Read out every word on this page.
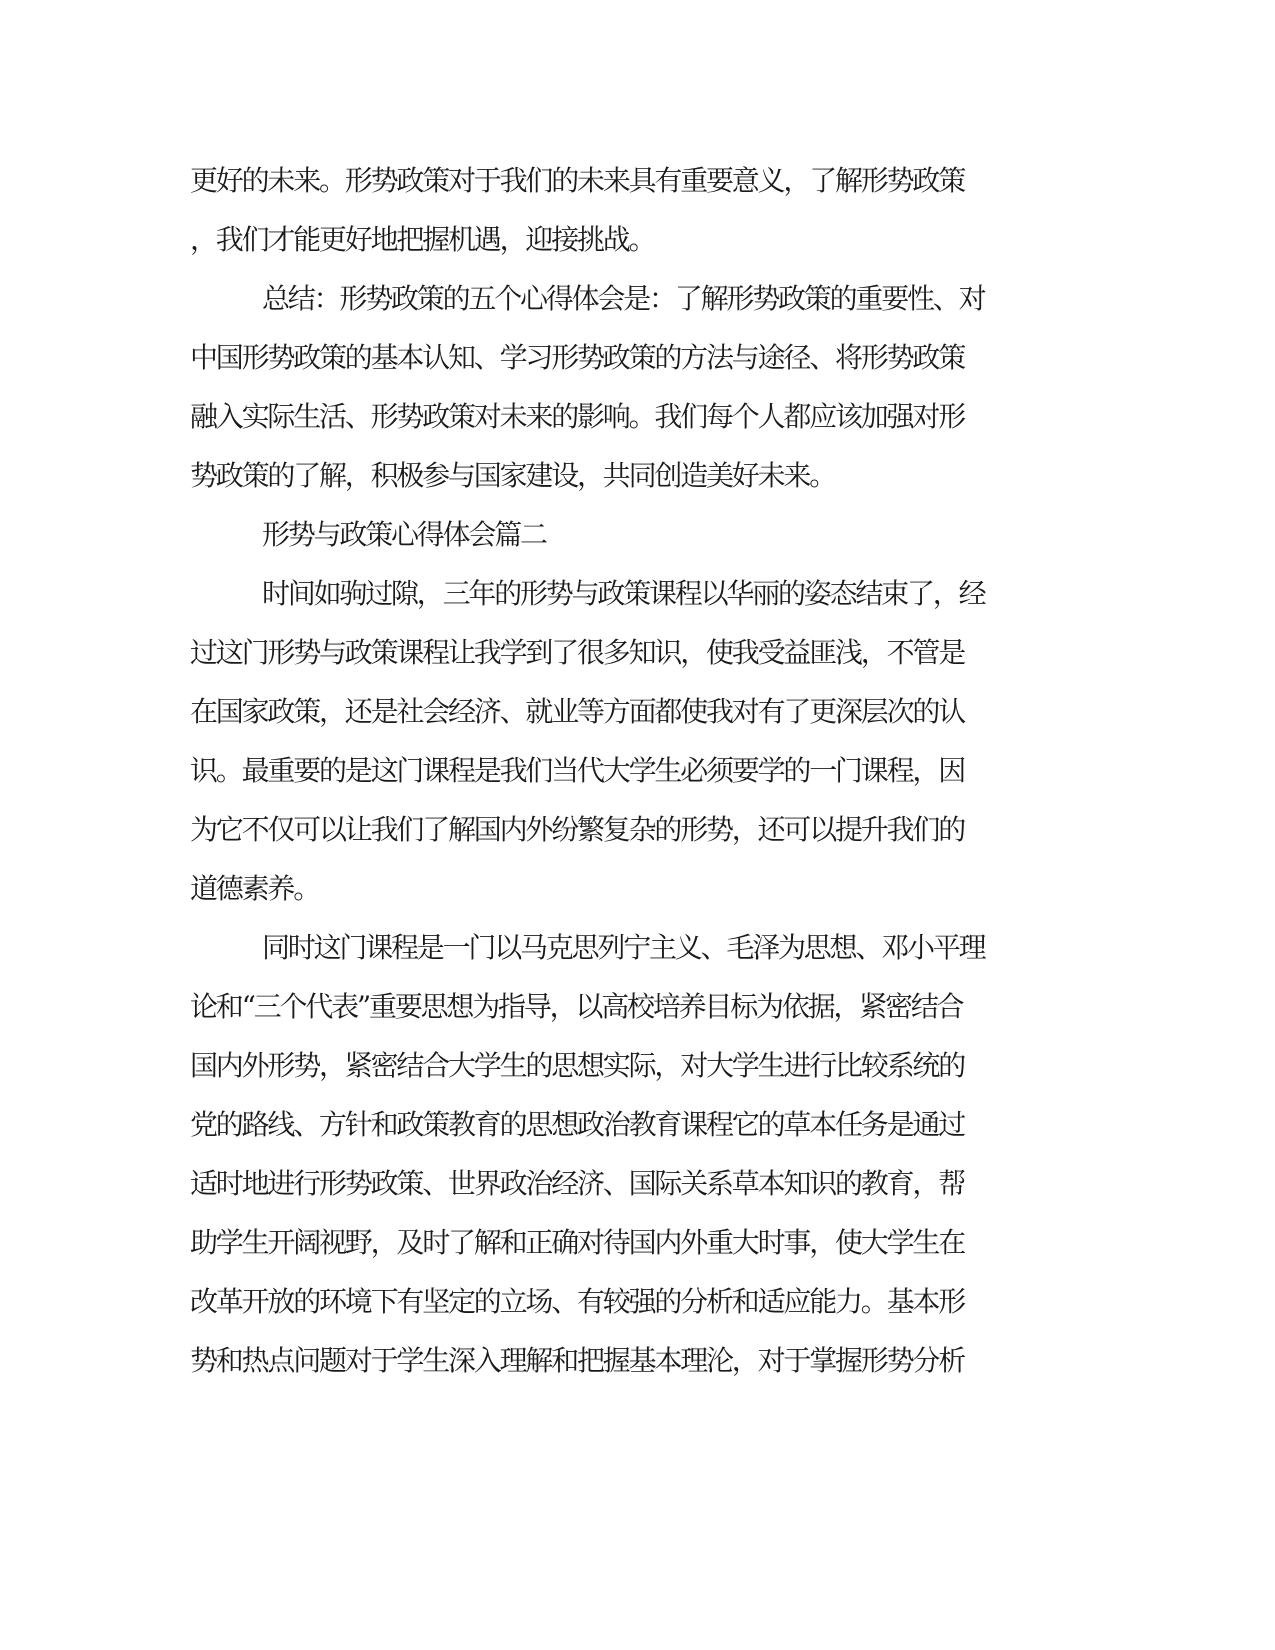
更好的未来。形势政策对于我们的未来具有重要意义，了解形势政策
，我们才能更好地把握机遇，迎接挑战。
总结：形势政策的五个心得体会是：了解形势政策的重要性、对
中国形势政策的基本认知、学习形势政策的方法与途径、将形势政策
融入实际生活、形势政策对未来的影响。我们每个人都应该加强对形
势政策的了解，积极参与国家建设，共同创造美好未来。
形势与政策心得体会篇二
时间如驹过隙，三年的形势与政策课程以华丽的姿态结束了，经
过这门形势与政策课程让我学到了很多知识，使我受益匪浅，不管是
在国家政策，还是社会经济、就业等方面都使我对有了更深层次的认
识。最重要的是这门课程是我们当代大学生必须要学的一门课程，因
为它不仅可以让我们了解国内外纷繁复杂的形势，还可以提升我们的
道德素养。
同时这门课程是一门以马克思列宁主义、毛泽为思想、邓小平理
论和“三个代表”重要思想为指导，以高校培养目标为依据，紧密结合
国内外形势，紧密结合大学生的思想实际，对大学生进行比较系统的
党的路线、方针和政策教育的思想政治教育课程它的草本任务是通过
适时地进行形势政策、世界政治经济、国际关系草本知识的教育，帮
助学生开阔视野，及时了解和正确对待国内外重大时事，使大学生在
改革开放的环境下有坚定的立场、有较强的分析和适应能力。基本形
势和热点问题对于学生深入理解和把握基本理沦，对于掌握形势分析
